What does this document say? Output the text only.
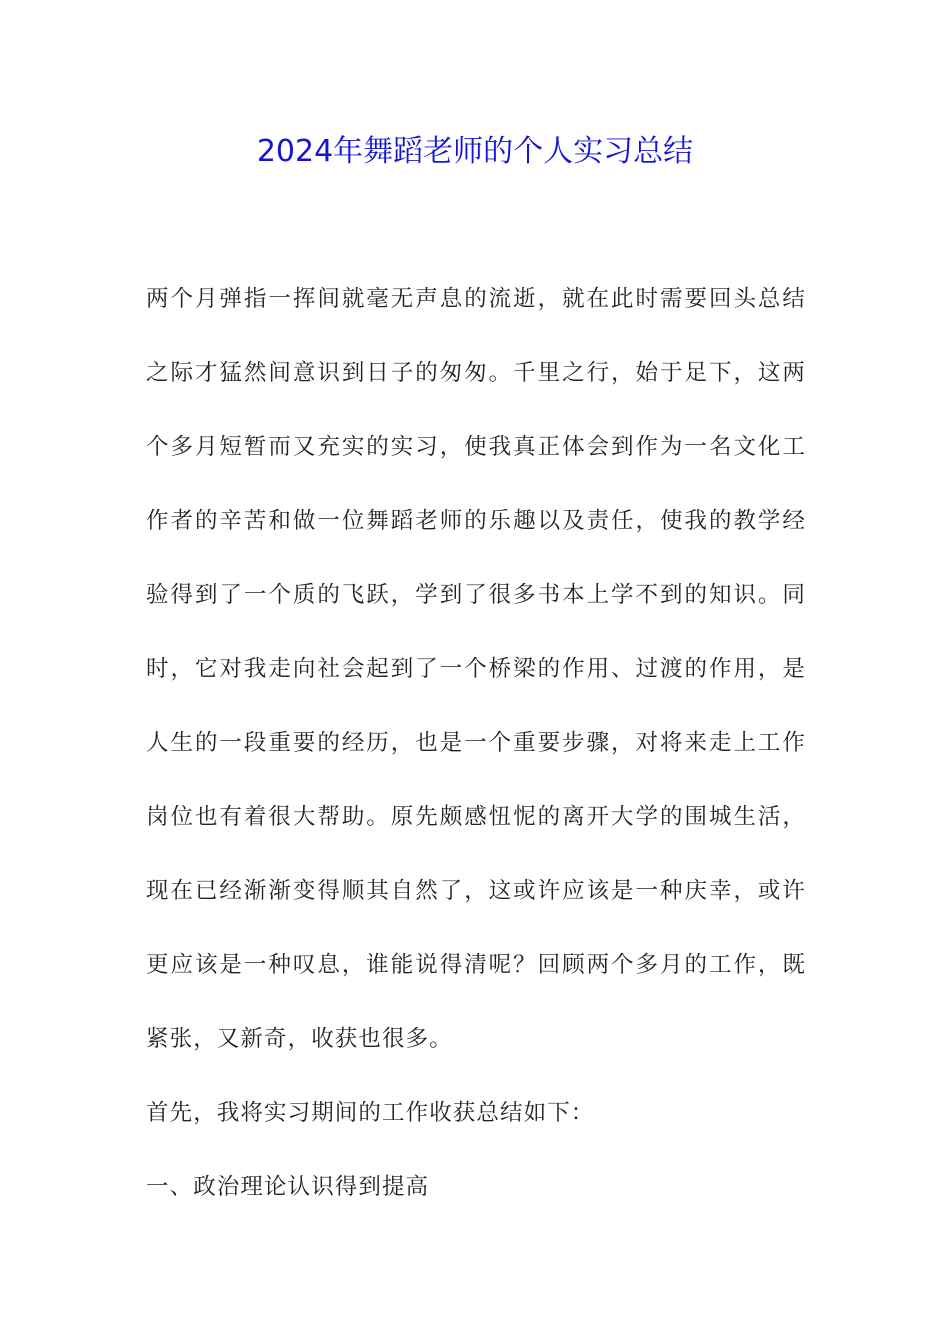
2024年舞蹈老师的个人实习总结

两个月弹指一挥间就毫无声息的流逝，就在此时需要回头总结之际才猛然间意识到日子的匆匆。千里之行，始于足下，这两个多月短暂而又充实的实习，使我真正体会到作为一名文化工作者的辛苦和做一位舞蹈老师的乐趣以及责任，使我的教学经验得到了一个质的飞跃，学到了很多书本上学不到的知识。同时，它对我走向社会起到了一个桥梁的作用、过渡的作用，是人生的一段重要的经历，也是一个重要步骤，对将来走上工作岗位也有着很大帮助。原先颇感忸怩的离开大学的围城生活，现在已经渐渐变得顺其自然了，这或许应该是一种庆幸，或许更应该是一种叹息，谁能说得清呢？回顾两个多月的工作，既紧张，又新奇，收获也很多。

首先，我将实习期间的工作收获总结如下：

一、政治理论认识得到提高
